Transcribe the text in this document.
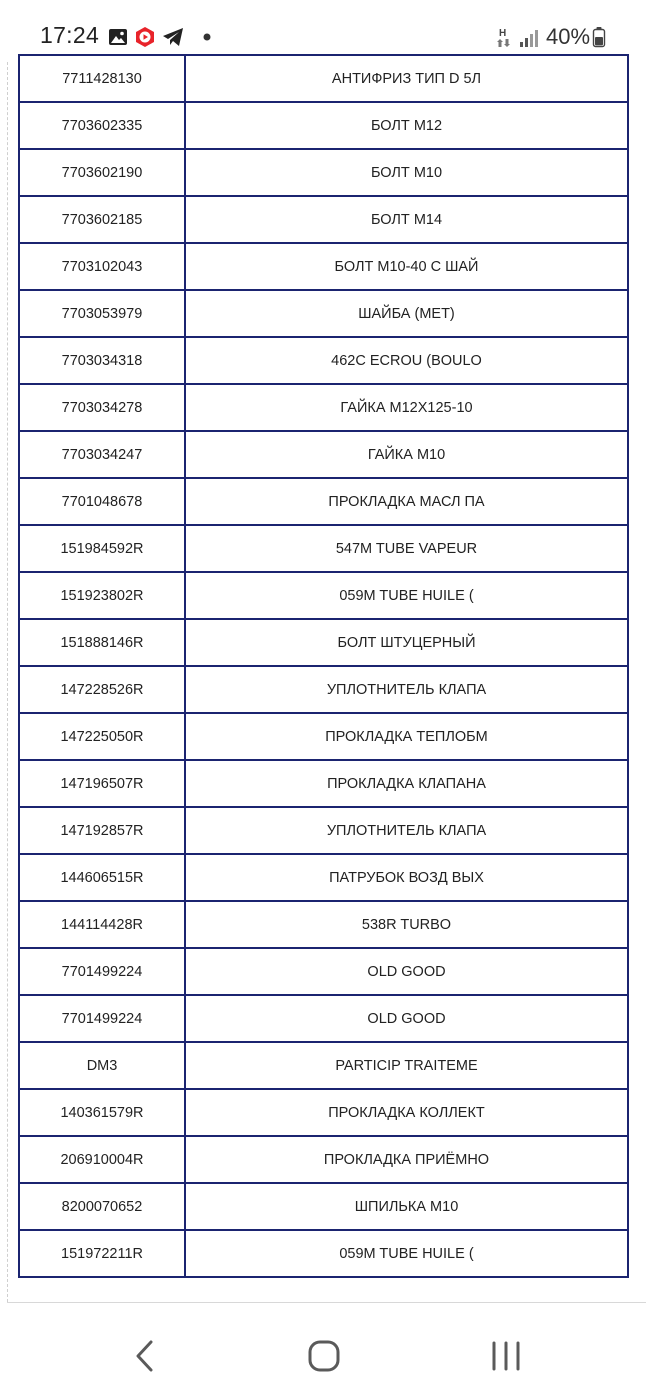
17:24	H 40%
7711428130	АНТИФРИЗ ТИП D 5Л
7703602335	БОЛТ M12
7703602190	БОЛТ M10
7703602185	БОЛТ M14
7703102043	БОЛТ M10-40 С ШАЙ
7703053979	ШАЙБА (МЕТ)
7703034318	462C ECROU (BOULO
7703034278	ГАЙКА M12X125-10
7703034247	ГАЙКА M10
7701048678	ПРОКЛАДКА МАСЛ ПА
151984592R	547M TUBE VAPEUR
151923802R	059M TUBE HUILE (
151888146R	БОЛТ ШТУЦЕРНЫЙ
147228526R	УПЛОТНИТЕЛЬ КЛАПА
147225050R	ПРОКЛАДКА ТЕПЛОБМ
147196507R	ПРОКЛАДКА КЛАПАНА
147192857R	УПЛОТНИТЕЛЬ КЛАПА
144606515R	ПАТРУБОК ВОЗД ВЫХ
144114428R	538R TURBO
7701499224	OLD GOOD
7701499224	OLD GOOD
DM3	PARTICIP TRAITEME
140361579R	ПРОКЛАДКА КОЛЛЕКТ
206910004R	ПРОКЛАДКА ПРИЁМНО
8200070652	ШПИЛЬКА M10
151972211R	059M TUBE HUILE (
